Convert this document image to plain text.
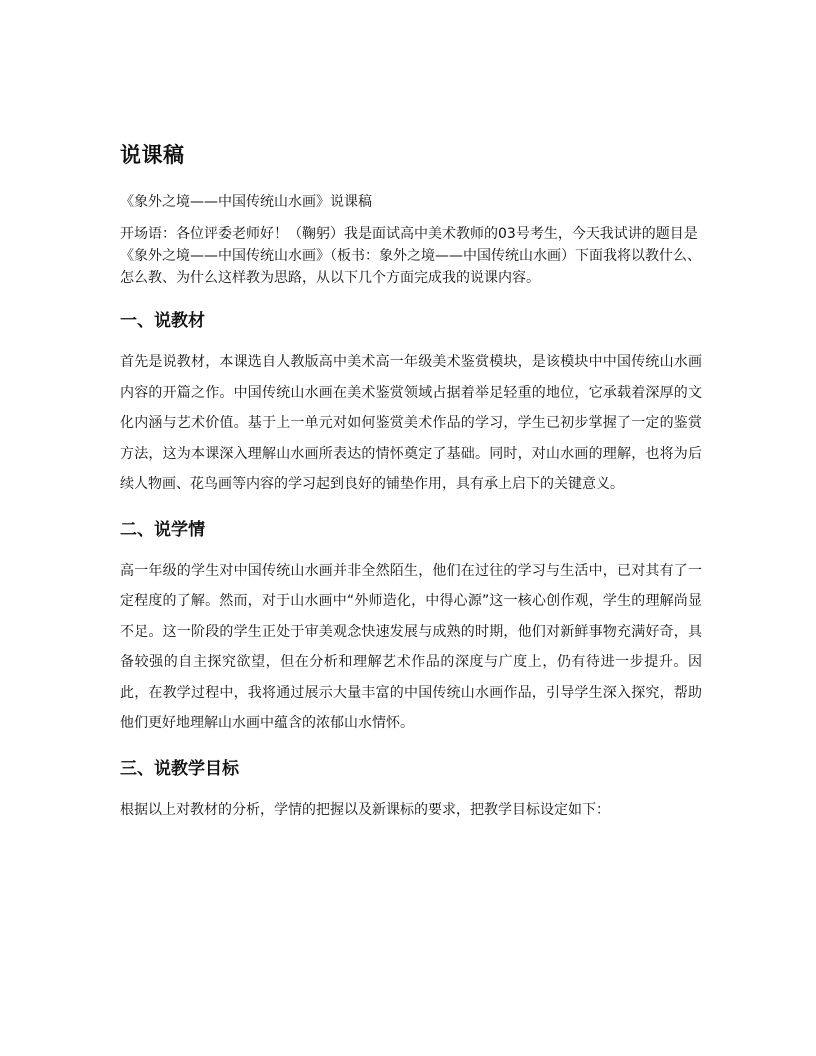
说课稿

《象外之境——中国传统山水画》说课稿

开场语：各位评委老师好！（鞠躬）我是面试高中美术教师的03号考生，今天我试讲的题目是《象外之境——中国传统山水画》（板书：象外之境——中国传统山水画）下面我将以教什么、怎么教、为什么这样教为思路，从以下几个方面完成我的说课内容。

一、说教材

首先是说教材，本课选自人教版高中美术高一年级美术鉴赏模块，是该模块中中国传统山水画内容的开篇之作。中国传统山水画在美术鉴赏领域占据着举足轻重的地位，它承载着深厚的文化内涵与艺术价值。基于上一单元对如何鉴赏美术作品的学习，学生已初步掌握了一定的鉴赏方法，这为本课深入理解山水画所表达的情怀奠定了基础。同时，对山水画的理解，也将为后续人物画、花鸟画等内容的学习起到良好的铺垫作用，具有承上启下的关键意义。

二、说学情

高一年级的学生对中国传统山水画并非全然陌生，他们在过往的学习与生活中，已对其有了一定程度的了解。然而，对于山水画中“外师造化，中得心源”这一核心创作观，学生的理解尚显不足。这一阶段的学生正处于审美观念快速发展与成熟的时期，他们对新鲜事物充满好奇，具备较强的自主探究欲望，但在分析和理解艺术作品的深度与广度上，仍有待进一步提升。因此，在教学过程中，我将通过展示大量丰富的中国传统山水画作品，引导学生深入探究，帮助他们更好地理解山水画中蕴含的浓郁山水情怀。

三、说教学目标

根据以上对教材的分析，学情的把握以及新课标的要求，把教学目标设定如下：
